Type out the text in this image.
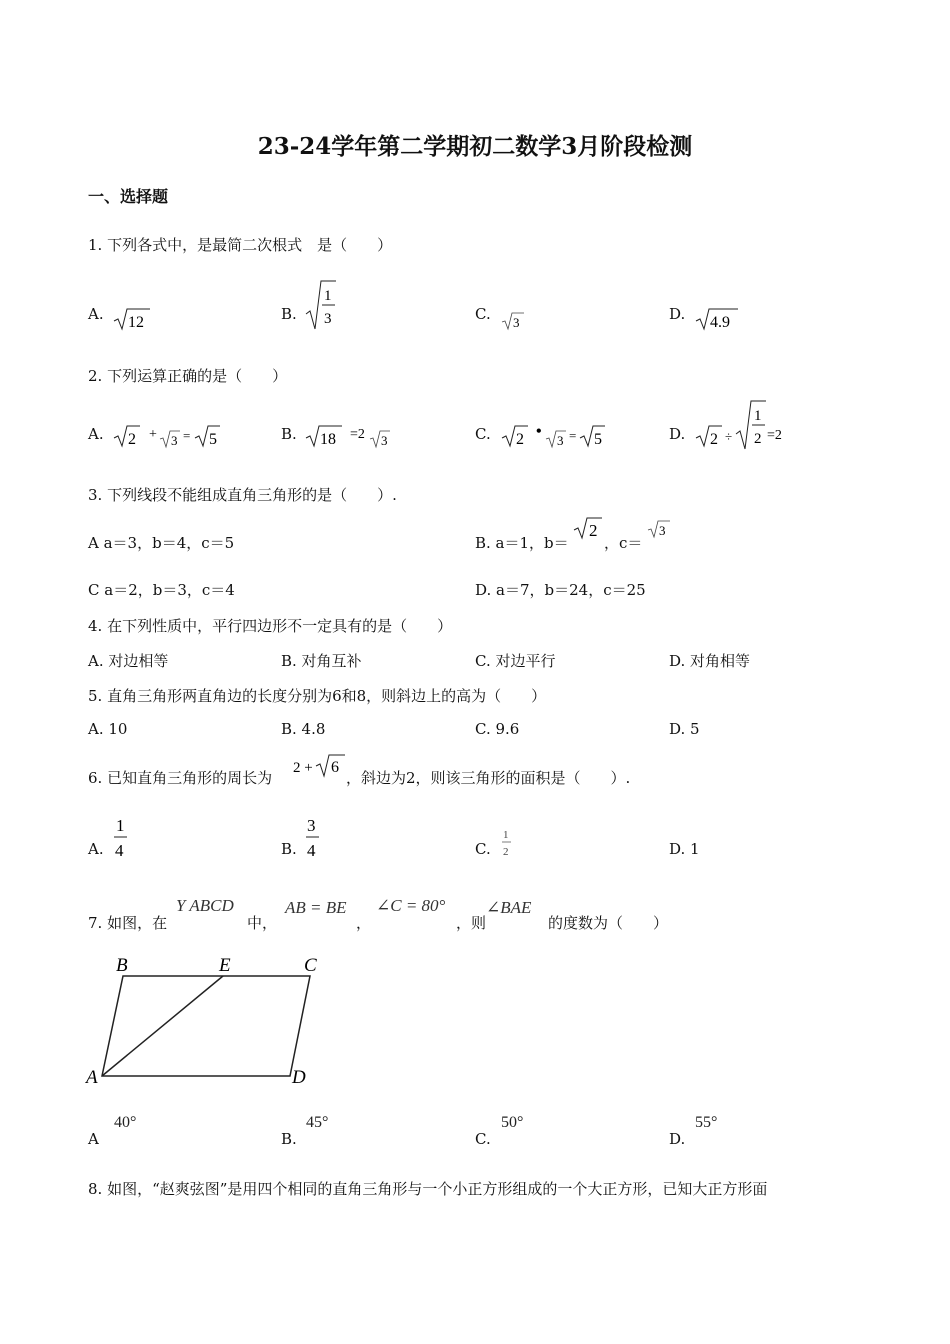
23-24学年第二学期初二数学3月阶段检测
一、选择题
1. 下列各式中，是最简二次根式　是（　　）
A. 12	B.
1
3	C. 3	D. 4.9
2. 下列运算正确的是（　　）
A. 2 + 3 = 5	B. 18 =2 3	C. 2 •
3 = 5	D. 2 ÷
1
2 =2
3. 下列线段不能组成直角三角形的是（　　）.
A a＝3，b＝4，c＝5	B. a＝1，b＝
2
，c＝
3
C a＝2，b＝3，c＝4	D. a＝7，b＝24，c＝25
4. 在下列性质中，平行四边形不一定具有的是（　　）
A. 对边相等	B. 对角互补	C. 对边平行	D. 对角相等
5. 直角三角形两直角边的长度分别为6和8，则斜边上的高为（　　）
A. 10	B. 4.8	C. 9.6	D. 5
6. 已知直角三角形的周长为
2 + 6
，斜边为2，则该三角形的面积是（　　）.
A.
1
4	B.
3
4	C.
1
2	D. 1
7. 如图，在
Y ABCD
中，
AB = BE
，
∠C = 80°
，则
∠BAE
的度数为（　　）
B	E	C
A	D
A
40°
B.
45°
C.
50°
D.
55°
8. 如图，“赵爽弦图”是用四个相同的直角三角形与一个小正方形组成的一个大正方形，已知大正方形面
